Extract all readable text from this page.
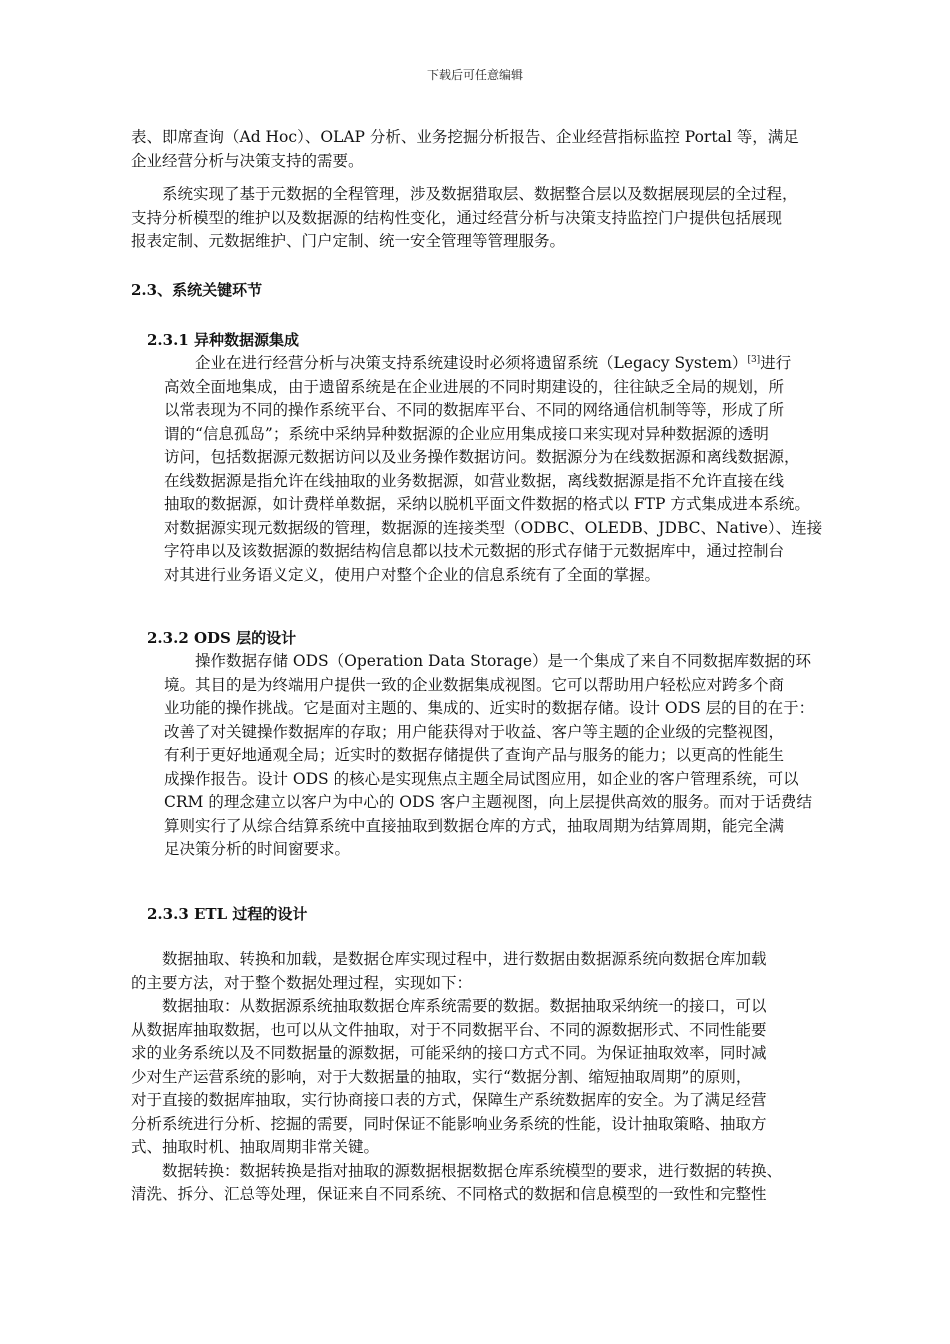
下载后可任意编辑
表、即席查询（Ad Hoc）、OLAP 分析、业务挖掘分析报告、企业经营指标监控 Portal 等，满足
企业经营分析与决策支持的需要。
　　系统实现了基于元数据的全程管理，涉及数据猎取层、数据整合层以及数据展现层的全过程，
支持分析模型的维护以及数据源的结构性变化，通过经营分析与决策支持监控门户提供包括展现
报表定制、元数据维护、门户定制、统一安全管理等管理服务。
2.3、系统关键环节
2.3.1 异种数据源集成
　　企业在进行经营分析与决策支持系统建设时必须将遗留系统（Legacy System）[3]进行
高效全面地集成，由于遗留系统是在企业进展的不同时期建设的，往往缺乏全局的规划，所
以常表现为不同的操作系统平台、不同的数据库平台、不同的网络通信机制等等，形成了所
谓的“信息孤岛”；系统中采纳异种数据源的企业应用集成接口来实现对异种数据源的透明
访问，包括数据源元数据访问以及业务操作数据访问。数据源分为在线数据源和离线数据源，
在线数据源是指允许在线抽取的业务数据源，如营业数据，离线数据源是指不允许直接在线
抽取的数据源，如计费样单数据，采纳以脱机平面文件数据的格式以 FTP 方式集成进本系统。
对数据源实现元数据级的管理，数据源的连接类型（ODBC、OLEDB、JDBC、Native）、连接
字符串以及该数据源的数据结构信息都以技术元数据的形式存储于元数据库中，通过控制台
对其进行业务语义定义，使用户对整个企业的信息系统有了全面的掌握。
2.3.2 ODS 层的设计
　　操作数据存储 ODS（Operation Data Storage）是一个集成了来自不同数据库数据的环
境。其目的是为终端用户提供一致的企业数据集成视图。它可以帮助用户轻松应对跨多个商
业功能的操作挑战。它是面对主题的、集成的、近实时的数据存储。设计 ODS 层的目的在于：
改善了对关键操作数据库的存取；用户能获得对于收益、客户等主题的企业级的完整视图，
有利于更好地通观全局；近实时的数据存储提供了查询产品与服务的能力；以更高的性能生
成操作报告。设计 ODS 的核心是实现焦点主题全局试图应用，如企业的客户管理系统，可以
CRM 的理念建立以客户为中心的 ODS 客户主题视图，向上层提供高效的服务。而对于话费结
算则实行了从综合结算系统中直接抽取到数据仓库的方式，抽取周期为结算周期，能完全满
足决策分析的时间窗要求。
2.3.3 ETL 过程的设计
　　数据抽取、转换和加载，是数据仓库实现过程中，进行数据由数据源系统向数据仓库加载
的主要方法，对于整个数据处理过程，实现如下：
　　数据抽取：从数据源系统抽取数据仓库系统需要的数据。数据抽取采纳统一的接口，可以
从数据库抽取数据，也可以从文件抽取，对于不同数据平台、不同的源数据形式、不同性能要
求的业务系统以及不同数据量的源数据，可能采纳的接口方式不同。为保证抽取效率，同时减
少对生产运营系统的影响，对于大数据量的抽取，实行“数据分割、缩短抽取周期”的原则，
对于直接的数据库抽取，实行协商接口表的方式，保障生产系统数据库的安全。为了满足经营
分析系统进行分析、挖掘的需要，同时保证不能影响业务系统的性能，设计抽取策略、抽取方
式、抽取时机、抽取周期非常关键。
　　数据转换：数据转换是指对抽取的源数据根据数据仓库系统模型的要求，进行数据的转换、
清洗、拆分、汇总等处理，保证来自不同系统、不同格式的数据和信息模型的一致性和完整性
